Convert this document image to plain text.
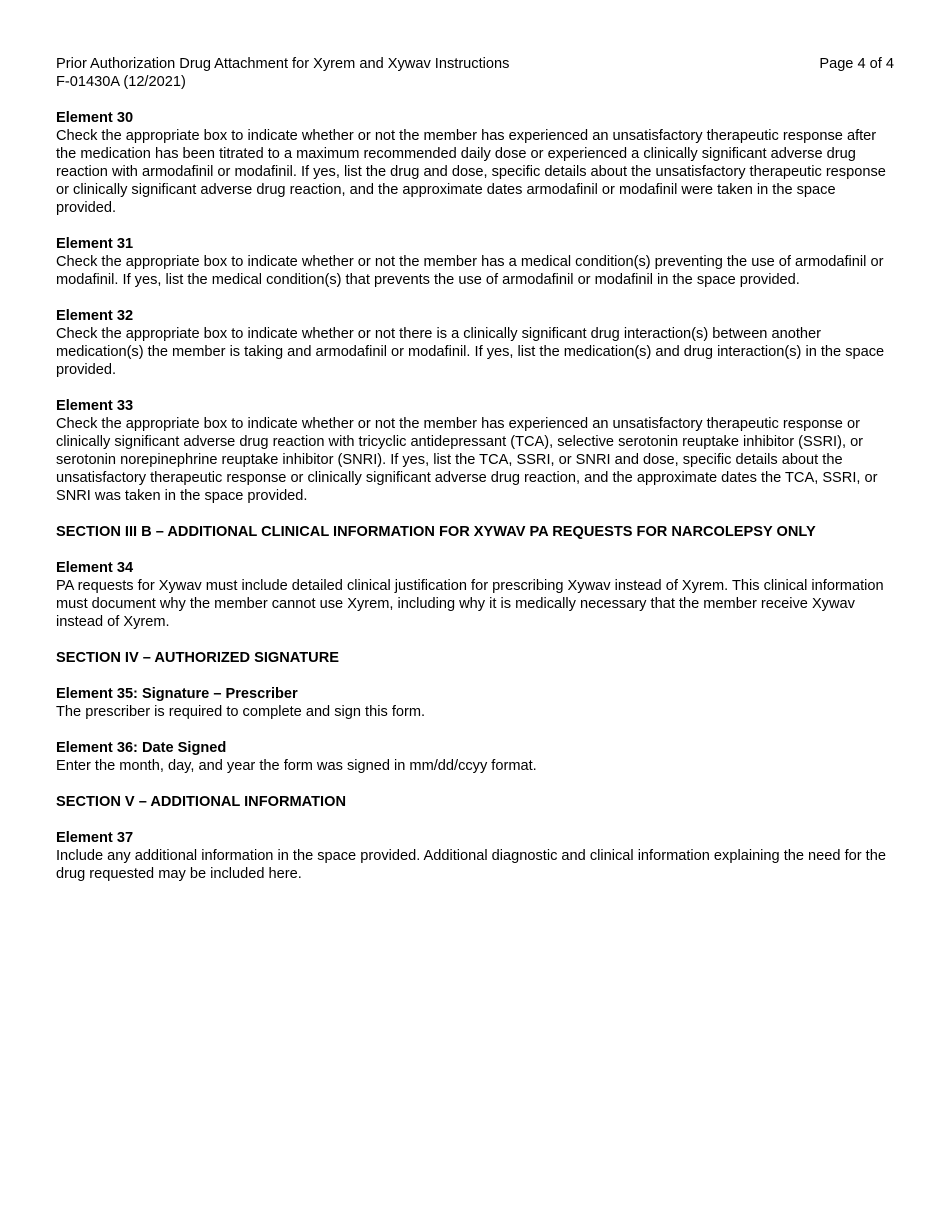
Prior Authorization Drug Attachment for Xyrem and Xywav Instructions
F-01430A (12/2021)
Page 4 of 4
Element 30
Check the appropriate box to indicate whether or not the member has experienced an unsatisfactory therapeutic response after the medication has been titrated to a maximum recommended daily dose or experienced a clinically significant adverse drug reaction with armodafinil or modafinil. If yes, list the drug and dose, specific details about the unsatisfactory therapeutic response or clinically significant adverse drug reaction, and the approximate dates armodafinil or modafinil were taken in the space provided.
Element 31
Check the appropriate box to indicate whether or not the member has a medical condition(s) preventing the use of armodafinil or modafinil. If yes, list the medical condition(s) that prevents the use of armodafinil or modafinil in the space provided.
Element 32
Check the appropriate box to indicate whether or not there is a clinically significant drug interaction(s) between another medication(s) the member is taking and armodafinil or modafinil. If yes, list the medication(s) and drug interaction(s) in the space provided.
Element 33
Check the appropriate box to indicate whether or not the member has experienced an unsatisfactory therapeutic response or clinically significant adverse drug reaction with tricyclic antidepressant (TCA), selective serotonin reuptake inhibitor (SSRI), or serotonin norepinephrine reuptake inhibitor (SNRI). If yes, list the TCA, SSRI, or SNRI and dose, specific details about the unsatisfactory therapeutic response or clinically significant adverse drug reaction, and the approximate dates the TCA, SSRI, or SNRI was taken in the space provided.
SECTION III B – ADDITIONAL CLINICAL INFORMATION FOR XYWAV PA REQUESTS FOR NARCOLEPSY ONLY
Element 34
PA requests for Xywav must include detailed clinical justification for prescribing Xywav instead of Xyrem. This clinical information must document why the member cannot use Xyrem, including why it is medically necessary that the member receive Xywav instead of Xyrem.
SECTION IV – AUTHORIZED SIGNATURE
Element 35: Signature – Prescriber
The prescriber is required to complete and sign this form.
Element 36: Date Signed
Enter the month, day, and year the form was signed in mm/dd/ccyy format.
SECTION V – ADDITIONAL INFORMATION
Element 37
Include any additional information in the space provided. Additional diagnostic and clinical information explaining the need for the drug requested may be included here.
